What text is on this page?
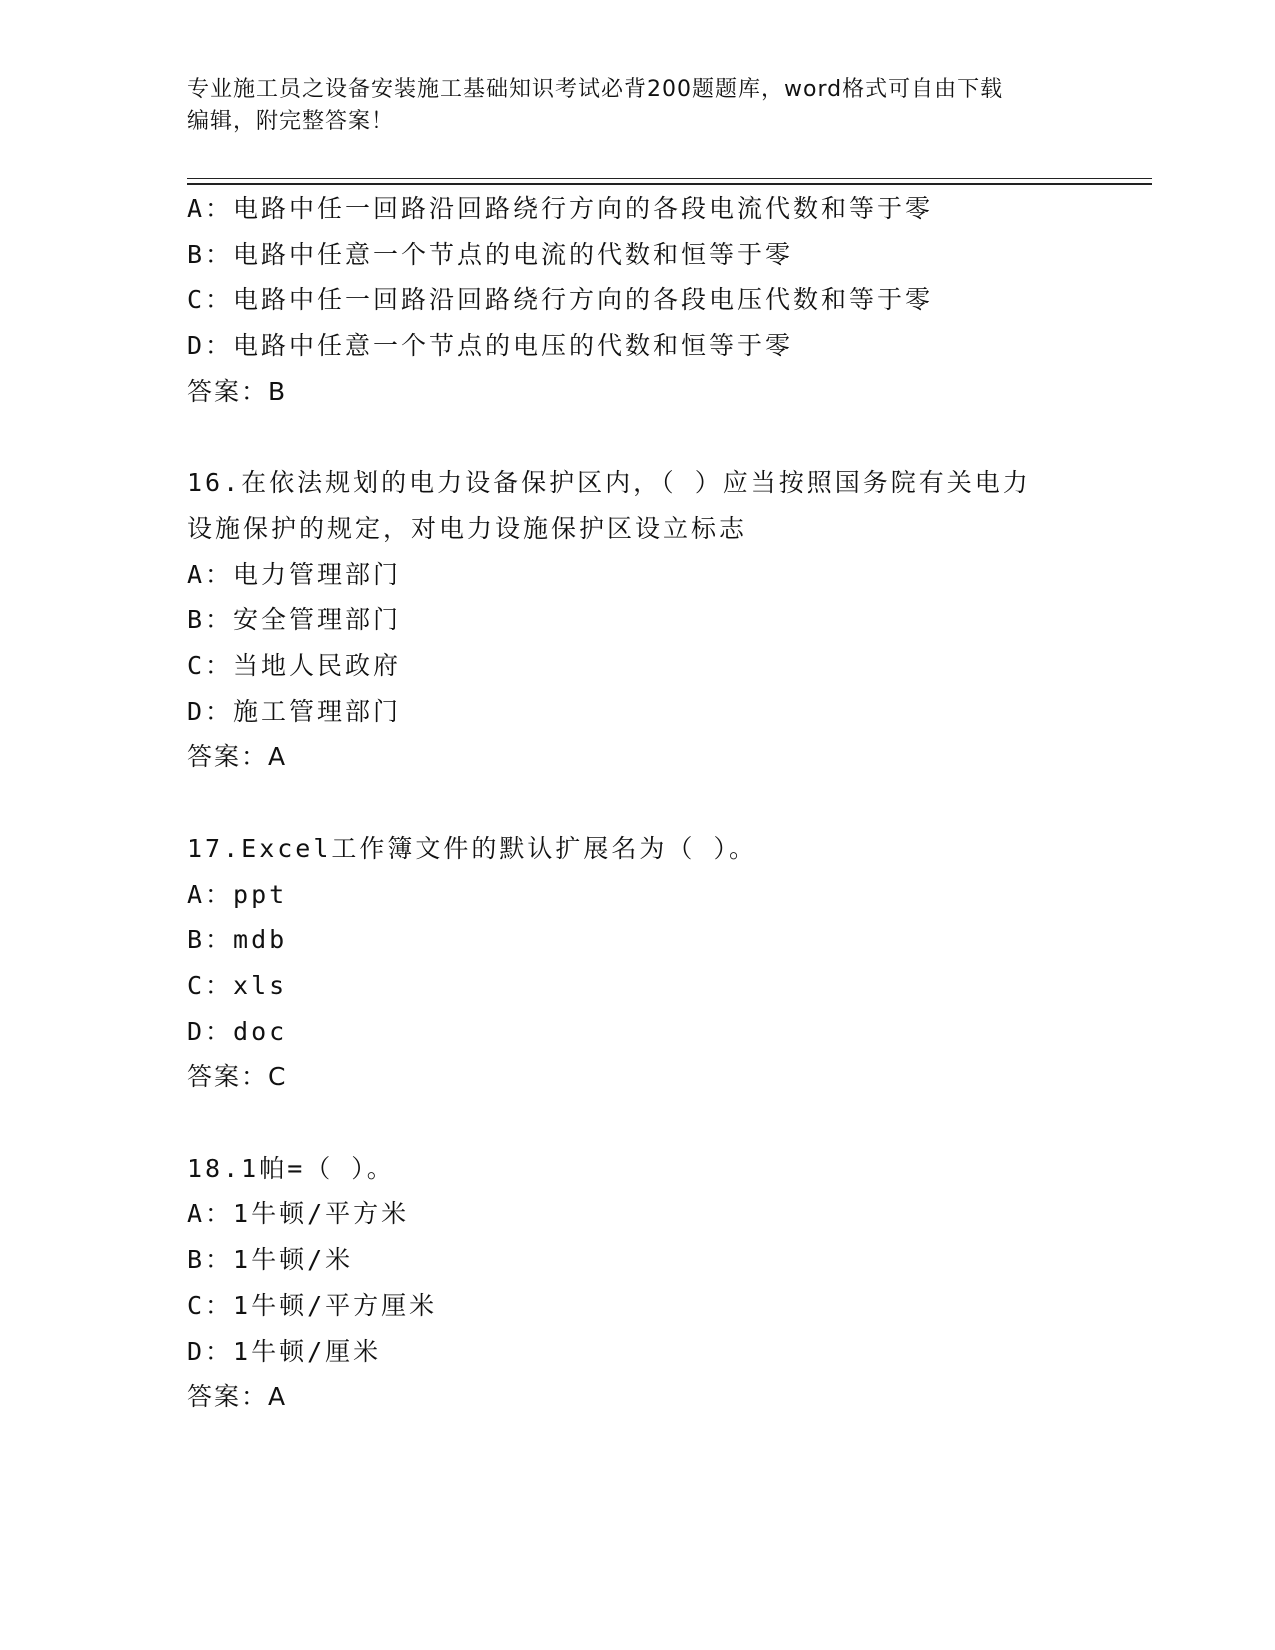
专业施工员之设备安装施工基础知识考试必背200题题库，word格式可自由下载
编辑，附完整答案！
A：电路中任一回路沿回路绕行方向的各段电流代数和等于零
B：电路中任意一个节点的电流的代数和恒等于零
C：电路中任一回路沿回路绕行方向的各段电压代数和等于零
D：电路中任意一个节点的电压的代数和恒等于零
答案：B
16.在依法规划的电力设备保护区内，（ ）应当按照国务院有关电力
设施保护的规定，对电力设施保护区设立标志
A：电力管理部门
B：安全管理部门
C：当地人民政府
D：施工管理部门
答案：A
17.Excel工作簿文件的默认扩展名为（ ）。
A：ppt
B：mdb
C：xls
D：doc
答案：C
18.1帕=（ ）。
A：1牛顿/平方米
B：1牛顿/米
C：1牛顿/平方厘米
D：1牛顿/厘米
答案：A
